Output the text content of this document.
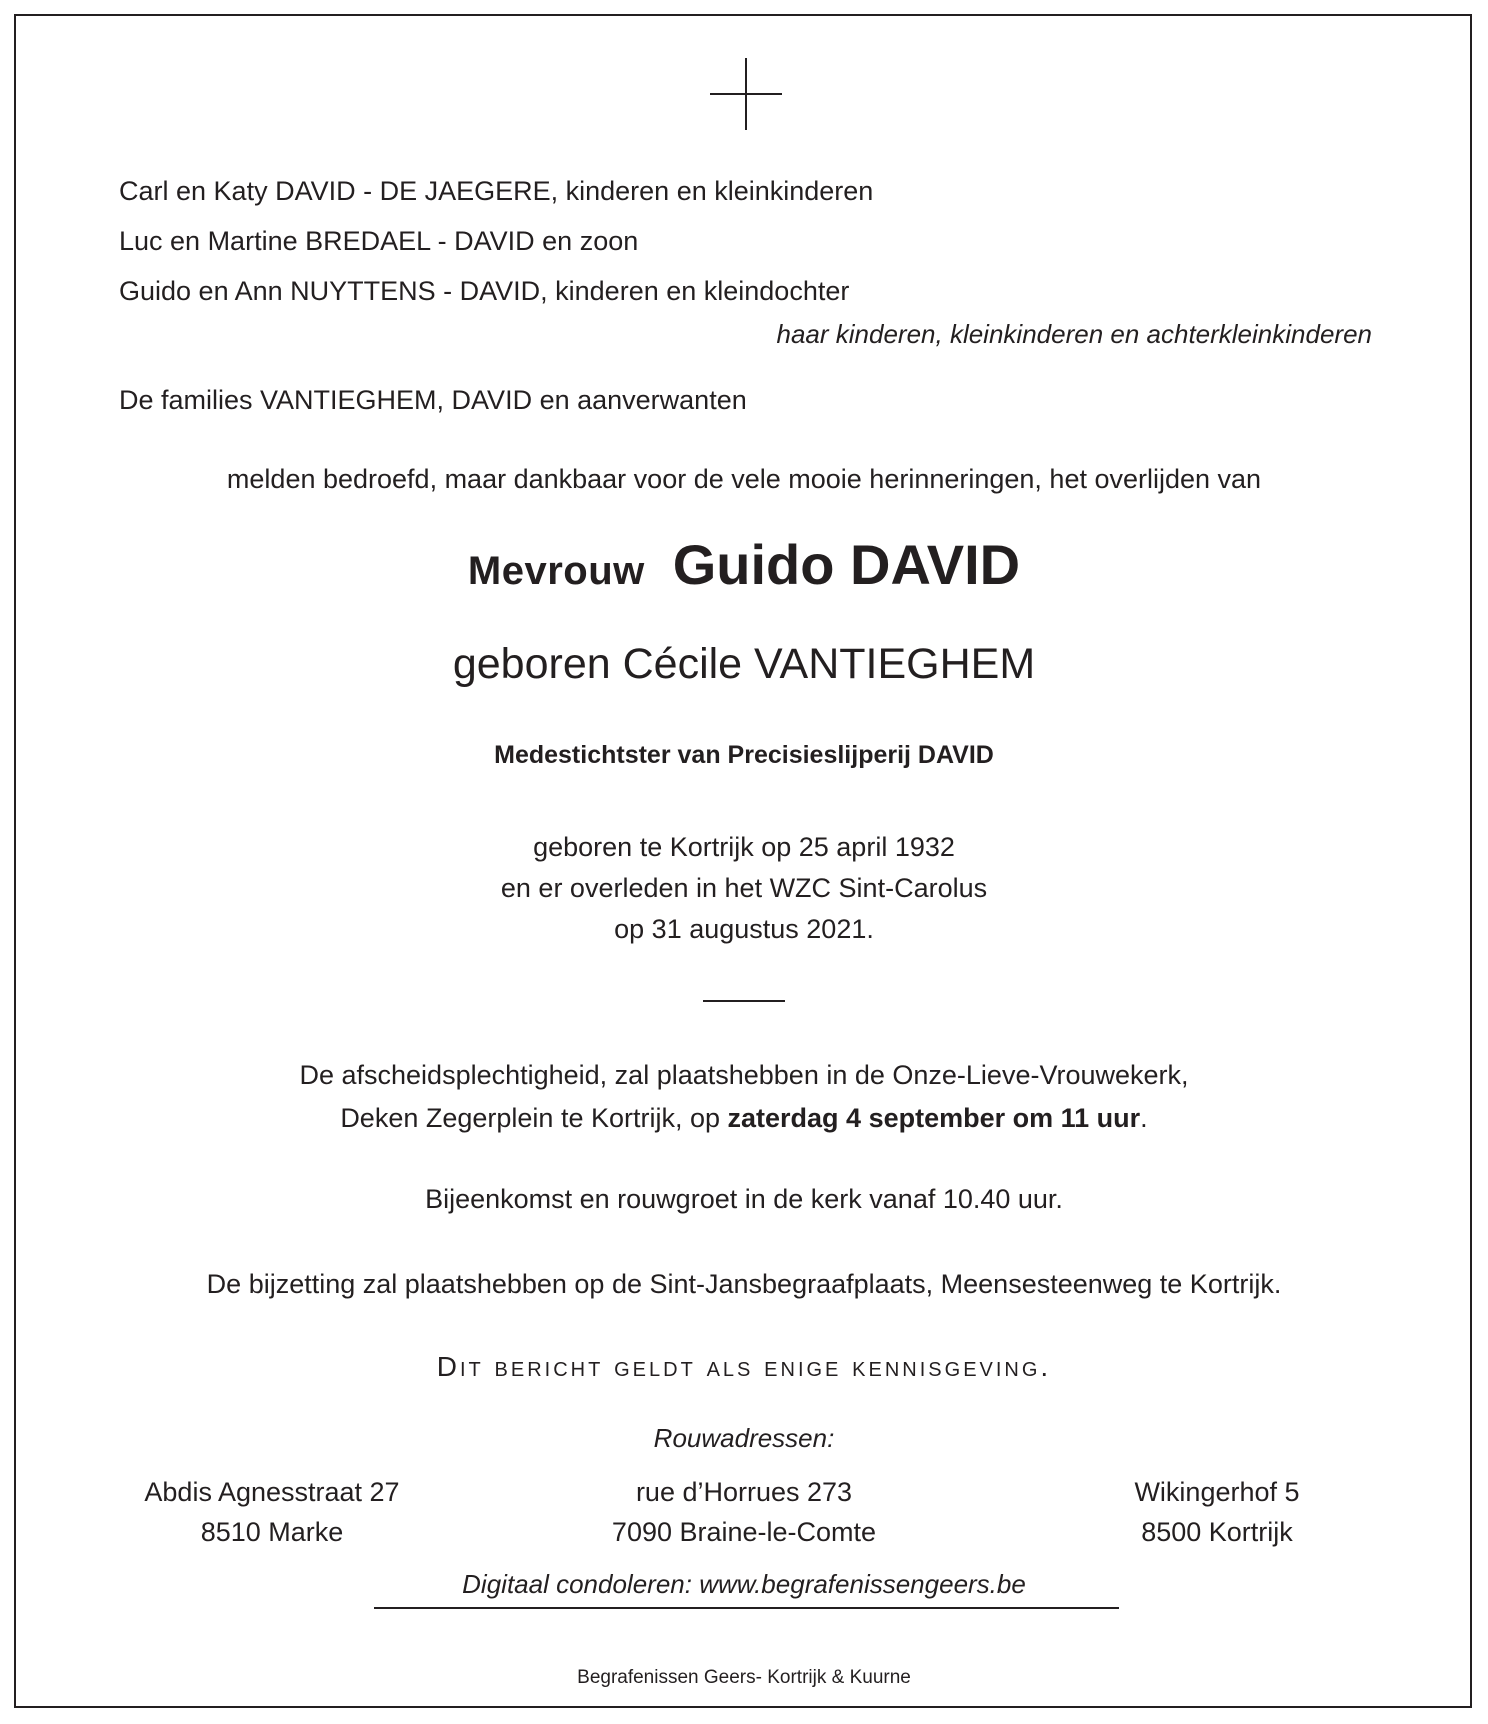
Carl en Katy DAVID - DE JAEGERE, kinderen en kleinkinderen
Luc en Martine BREDAEL - DAVID en zoon
Guido en Ann NUYTTENS - DAVID, kinderen en kleindochter
haar kinderen, kleinkinderen en achterkleinkinderen
De families VANTIEGHEM, DAVID en aanverwanten
melden bedroefd, maar dankbaar voor de vele mooie herinneringen, het overlijden van
Mevrouw Guido DAVID
geboren Cécile VANTIEGHEM
Medestichtster van Precisieslijperij DAVID
geboren te Kortrijk op 25 april 1932
en er overleden in het WZC Sint-Carolus
op 31 augustus 2021.
De afscheidsplechtigheid, zal plaatshebben in de Onze-Lieve-Vrouwekerk,
Deken Zegerplein te Kortrijk, op zaterdag 4 september om 11 uur.
Bijeenkomst en rouwgroet in de kerk vanaf 10.40 uur.
De bijzetting zal plaatshebben op de Sint-Jansbegraafplaats, Meensesteenweg te Kortrijk.
Dit bericht geldt als enige kennisgeving.
Rouwadressen:
Abdis Agnesstraat 27
8510 Marke
rue d’Horrues 273
7090 Braine-le-Comte
Wikingerhof 5
8500 Kortrijk
Digitaal condoleren: www.begrafenissengeers.be
Begrafenissen Geers- Kortrijk & Kuurne
